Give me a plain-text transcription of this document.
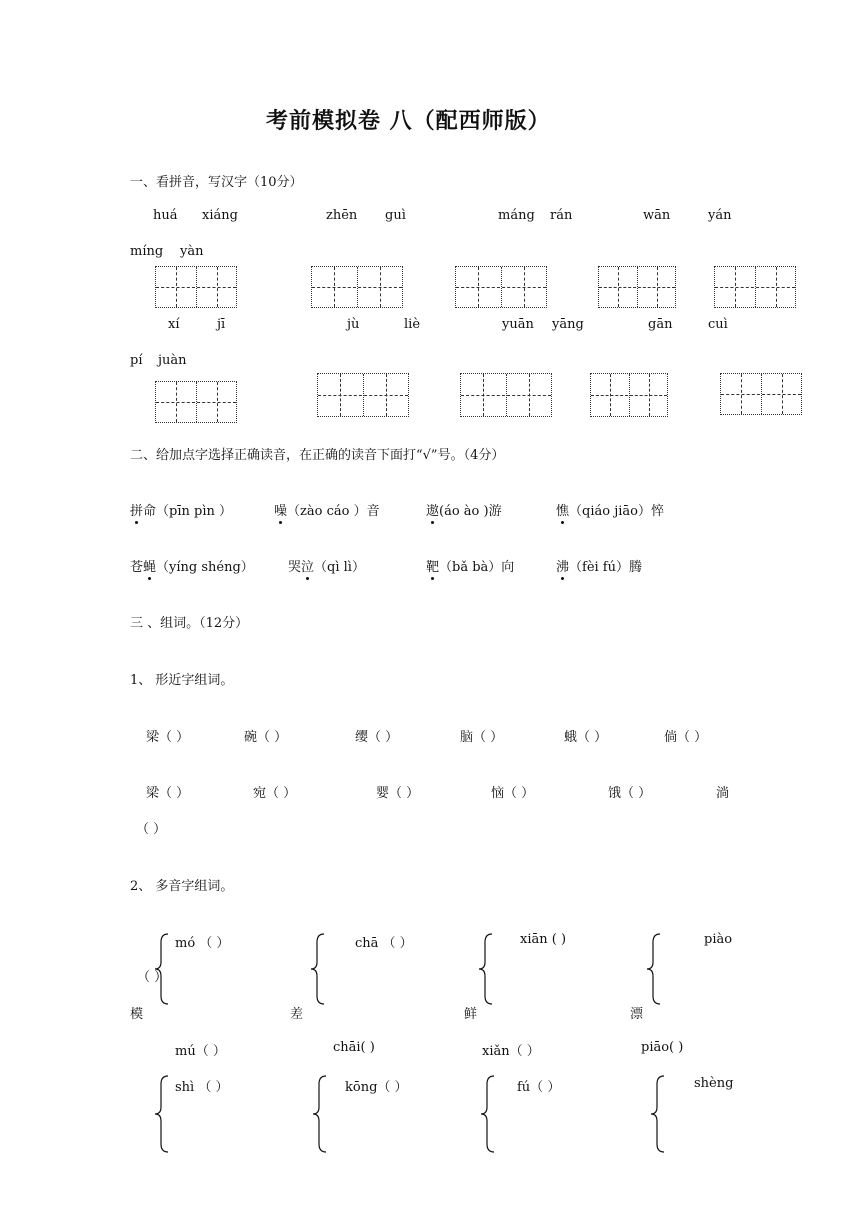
考前模拟卷 八（配西师版）
一、看拼音，写汉字（10分）
huá xiáng	zhēn guì	máng rán	wān	yán
míng yàn
xí	jī	jù	liè	yuān yāng	gān	cuì
pí juàn
二、给加点字选择正确读音，在正确的读音下面打“√”号。（4分）
拼命（pīn pìn ）	噪（zào cáo ）音	遨(áo ào )游	憔（qiáo jiāo）悴
苍蝇（yíng shéng）	哭泣（qì lì）	靶（bǎ bà）向	沸（fèi fú）腾
三 、组词。（12分）
1、 形近字组词。
梁（ ）	碗（ ）	缨（ ）	脑（ ）	蛾（ ）	倘（ ）
梁（ ）	宛（ ）	婴（ ）	恼（ ）	饿（ ）	淌
（ ）
2、 多音字组词。
mó （ ）	chā （ ）	xiān ( )	piào
（ ）
模	差	鲜	漂
mú（ ）	chāi( )	xiǎn（ ）	piāo( )
shì （ ）	kōng（ ）	fú（ ）	shèng
